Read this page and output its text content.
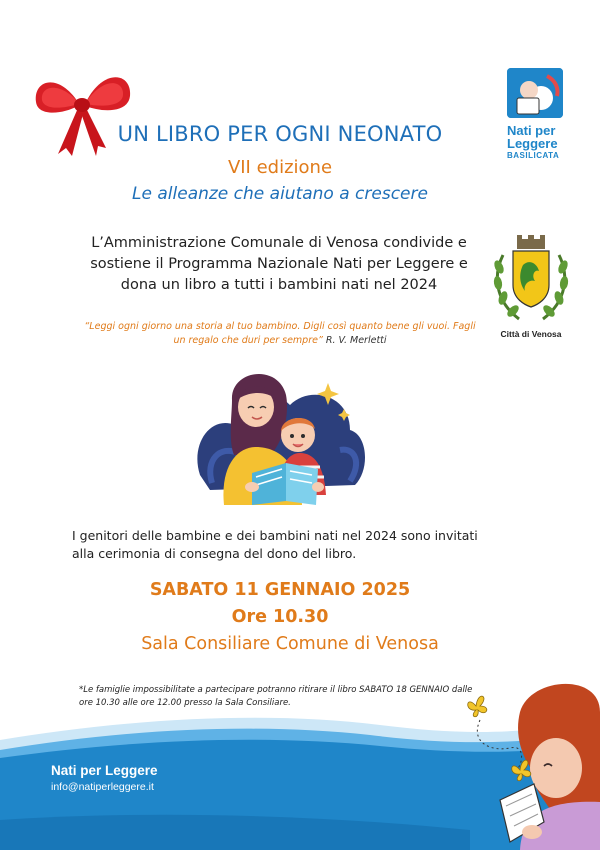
Nati per
Leggere
BASILICATA
Città di Venosa
UN LIBRO PER OGNI NEONATO
VII edizione
Le alleanze che aiutano a crescere

L’Amministrazione Comunale di Venosa condivide e sostiene il Programma Nazionale Nati per Leggere e dona un libro a tutti i bambini nati nel 2024

“Leggi ogni giorno una storia al tuo bambino. Digli così quanto bene gli vuoi. Fagli un regalo che duri per sempre” R. V. Merletti

I genitori delle bambine e dei bambini nati nel 2024 sono invitati alla cerimonia di consegna del dono del libro.

SABATO 11 GENNAIO 2025
Ore 10.30
Sala Consiliare Comune di Venosa

*Le famiglie impossibilitate a partecipare potranno ritirare il libro SABATO 18 GENNAIO dalle ore 10.30 alle ore 12.00 presso la Sala Consiliare.

Nati per Leggere
info@natiperleggere.it
